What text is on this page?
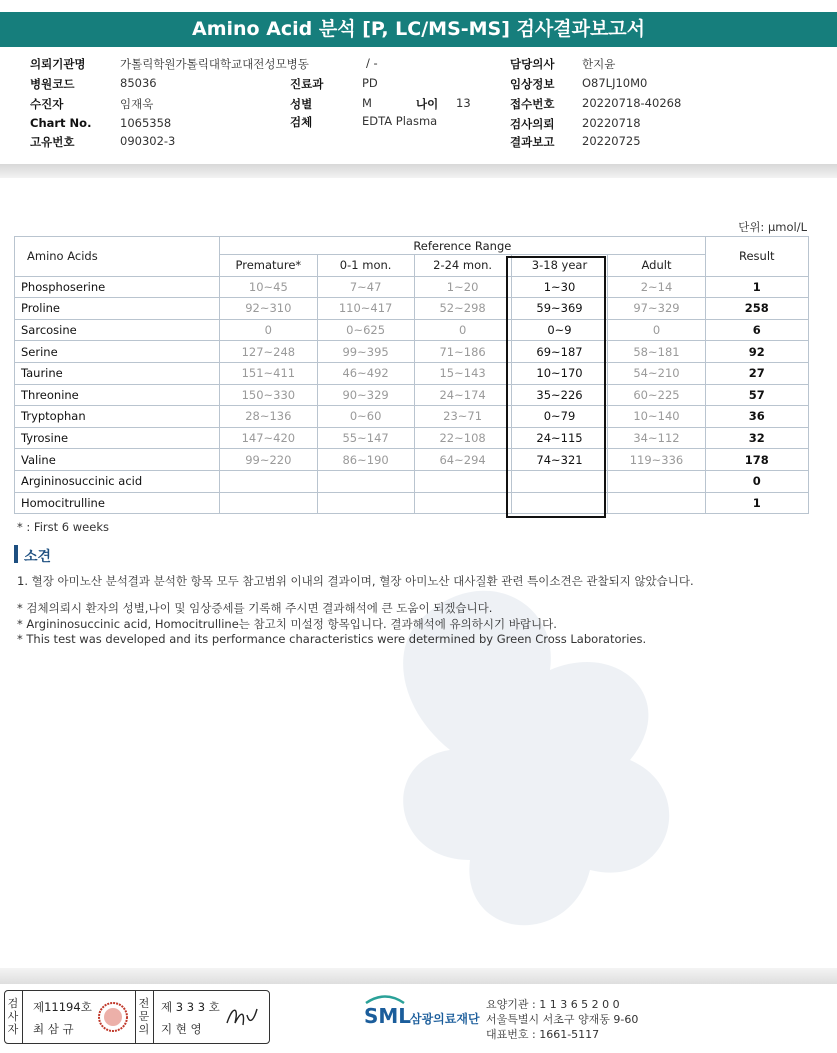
Amino Acid 분석 [P, LC/MS-MS] 검사결과보고서
의뢰기관명	가톨릭학원가톨릭대학교대전성모병동	/ -
병원코드	85036
수진자	임재욱
Chart No. 1065358
고유번호	090302-3
진료과	PD
성별	M	나이 13
검체	EDTA Plasma
담당의사 한지윤
임상정보 O87LJ10M0
접수번호 20220718-40268
검사의뢰 20220718
결과보고 20220725
단위: μmol/L
Amino Acids	Reference Range					Result
	Premature*	0-1 mon.	2-24 mon.	3-18 year	Adult	
Phosphoserine	10~45	7~47	1~20	1~30	2~14	1
Proline	92~310	110~417	52~298	59~369	97~329	258
Sarcosine	0	0~625	0	0~9	0	6
Serine	127~248	99~395	71~186	69~187	58~181	92
Taurine	151~411	46~492	15~143	10~170	54~210	27
Threonine	150~330	90~329	24~174	35~226	60~225	57
Tryptophan	28~136	0~60	23~71	0~79	10~140	36
Tyrosine	147~420	55~147	22~108	24~115	34~112	32
Valine	99~220	86~190	64~294	74~321	119~336	178
Argininosuccinic acid						0
Homocitrulline						1
* : First 6 weeks
소견
1. 혈장 아미노산 분석결과 분석한 항목 모두 참고범위 이내의 결과이며, 혈장 아미노산 대사질환 관련 특이소견은 관찰되지 않았습니다.
* 검체의뢰시 환자의 성별,나이 및 임상증세를 기록해 주시면 결과해석에 큰 도움이 되겠습니다.
* Argininosuccinic acid, Homocitrulline는 참고치 미설정 항목입니다. 결과해석에 유의하시기 바랍니다.
* This test was developed and its performance characteristics were determined by Green Cross Laboratories.
검
사
자
제11194호
최 삼 규
전
문
의
제 3 3 3 호
지 현 영
SML
삼광의료재단
요양기관 : 1 1 3 6 5 2 0 0
서울특별시 서초구 양재동 9-60
대표번호 : 1661-5117
